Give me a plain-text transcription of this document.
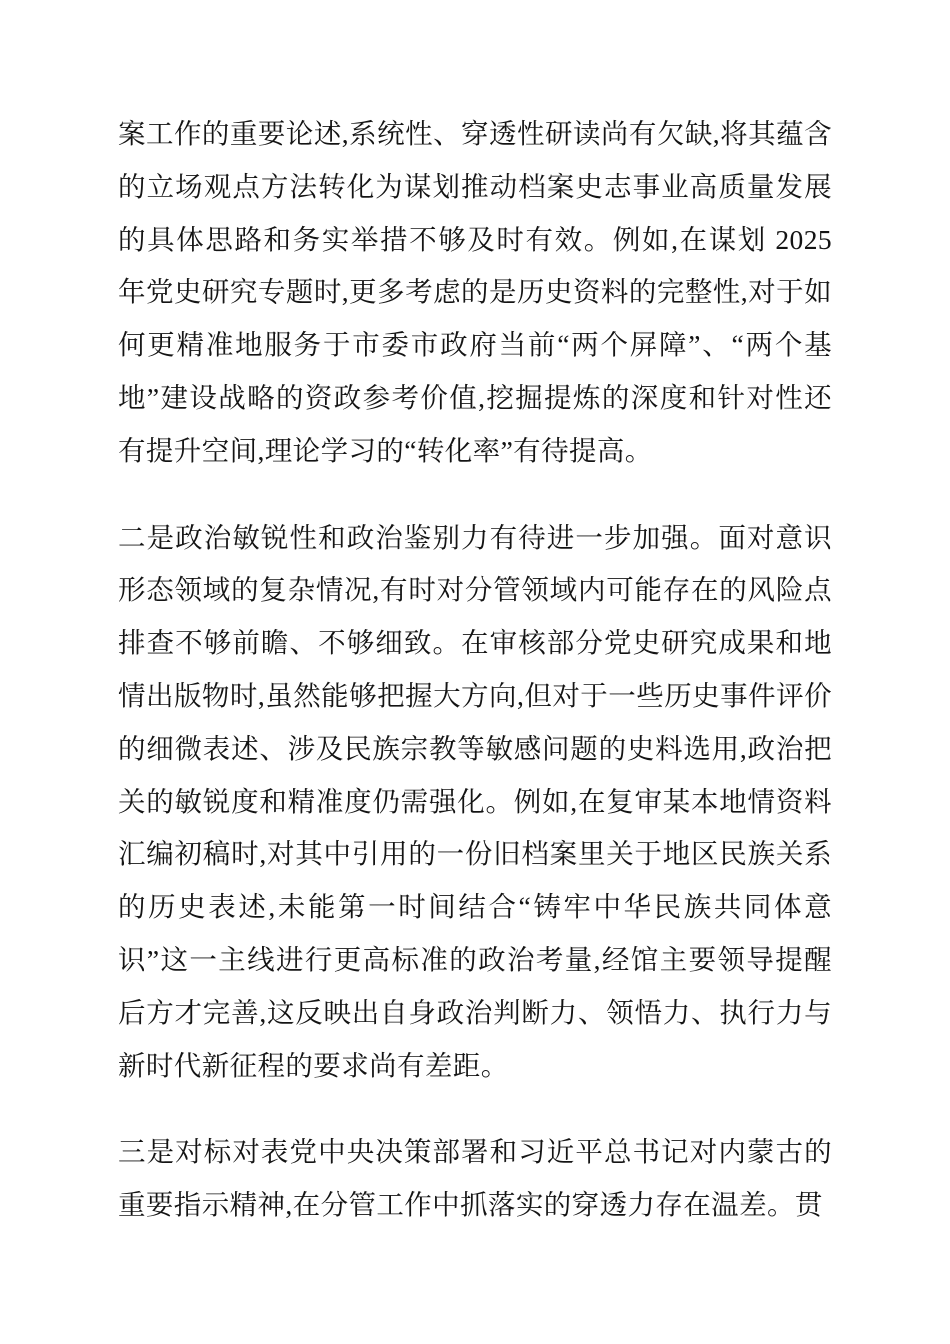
案工作的重要论述,系统性、穿透性研读尚有欠缺,将其蕴含的立场观点方法转化为谋划推动档案史志事业高质量发展的具体思路和务实举措不够及时有效。例如,在谋划 2025 年党史研究专题时,更多考虑的是历史资料的完整性,对于如何更精准地服务于市委市政府当前“两个屏障”、“两个基地”建设战略的资政参考价值,挖掘提炼的深度和针对性还有提升空间,理论学习的“转化率”有待提高。

二是政治敏锐性和政治鉴别力有待进一步加强。面对意识形态领域的复杂情况,有时对分管领域内可能存在的风险点排查不够前瞻、不够细致。在审核部分党史研究成果和地情出版物时,虽然能够把握大方向,但对于一些历史事件评价的细微表述、涉及民族宗教等敏感问题的史料选用,政治把关的敏锐度和精准度仍需强化。例如,在复审某本地情资料汇编初稿时,对其中引用的一份旧档案里关于地区民族关系的历史表述,未能第一时间结合“铸牢中华民族共同体意识”这一主线进行更高标准的政治考量,经馆主要领导提醒后方才完善,这反映出自身政治判断力、领悟力、执行力与新时代新征程的要求尚有差距。

三是对标对表党中央决策部署和习近平总书记对内蒙古的重要指示精神,在分管工作中抓落实的穿透力存在温差。贯
